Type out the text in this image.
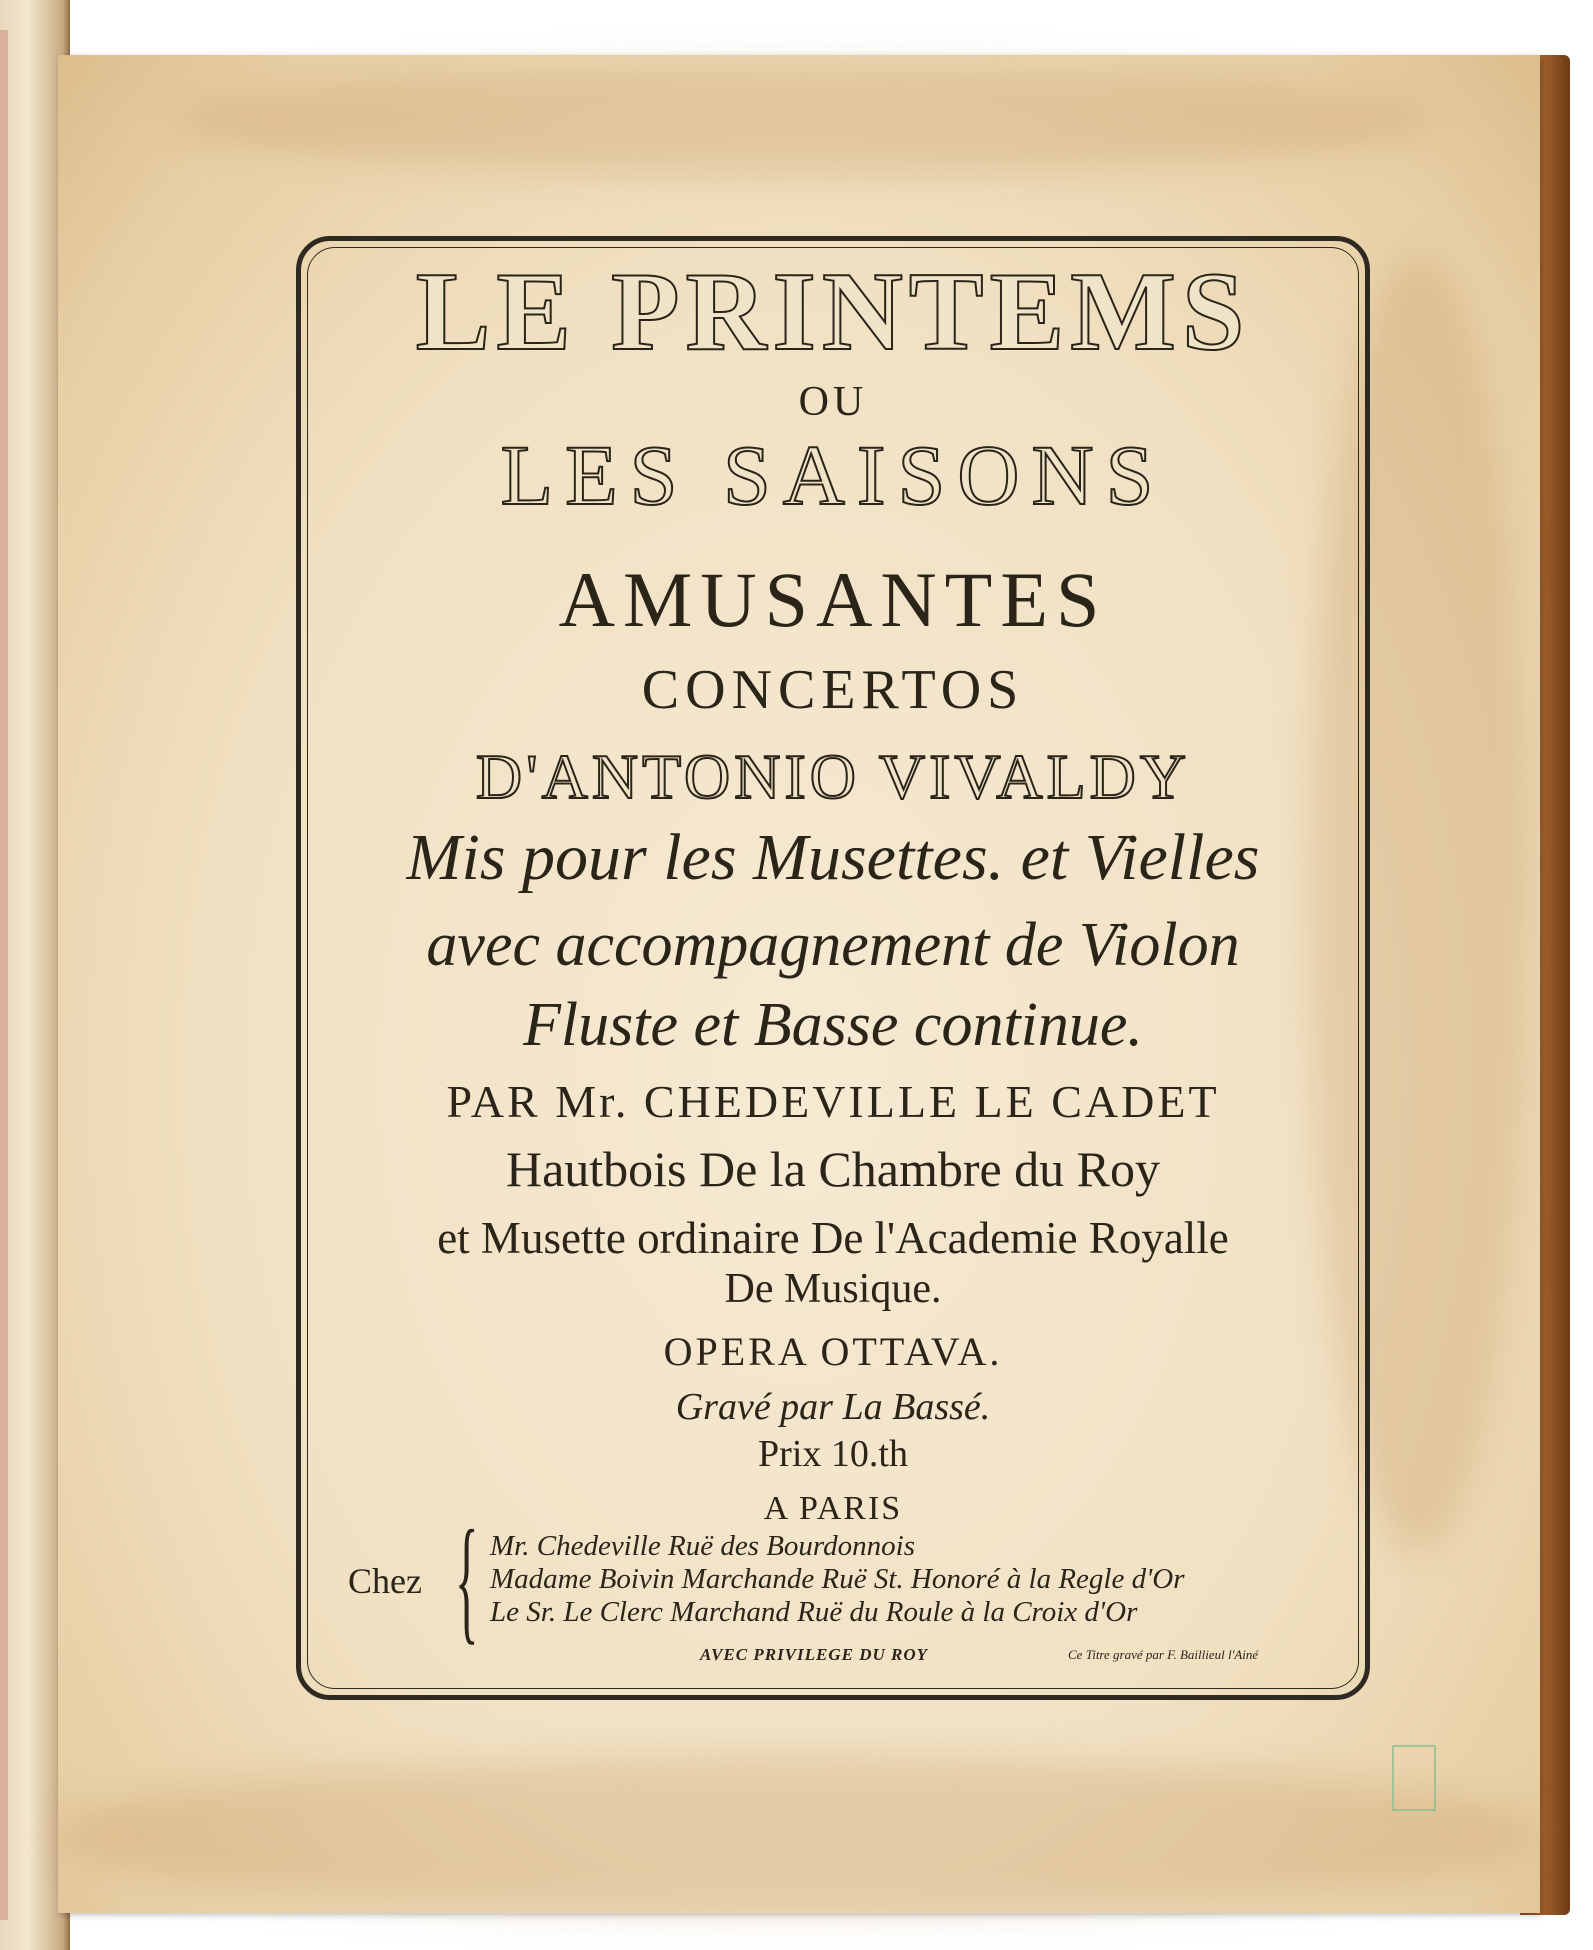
LE PRINTEMS
OU
LES SAISONS
AMUSANTES
CONCERTOS
D'ANTONIO VIVALDY
Mis pour les Musettes. et Vielles
avec accompagnement de Violon
Fluste et Basse continue.
PAR Mr. CHEDEVILLE LE CADET
Hautbois De la Chambre du Roy
et Musette ordinaire De l'Academie Royalle
De Musique.
OPERA OTTAVA.
Gravé par La Bassé.
Prix 10.th
A PARIS
Chez { Mr. Chedeville Ruë des Bourdonnois
Madame Boivin Marchande Ruë St. Honoré à la Regle d'Or
Le Sr. Le Clerc Marchand Ruë du Roule à la Croix d'Or
AVEC PRIVILEGE DU ROY	Ce Titre gravé par F. Baillieul l'Ainé
